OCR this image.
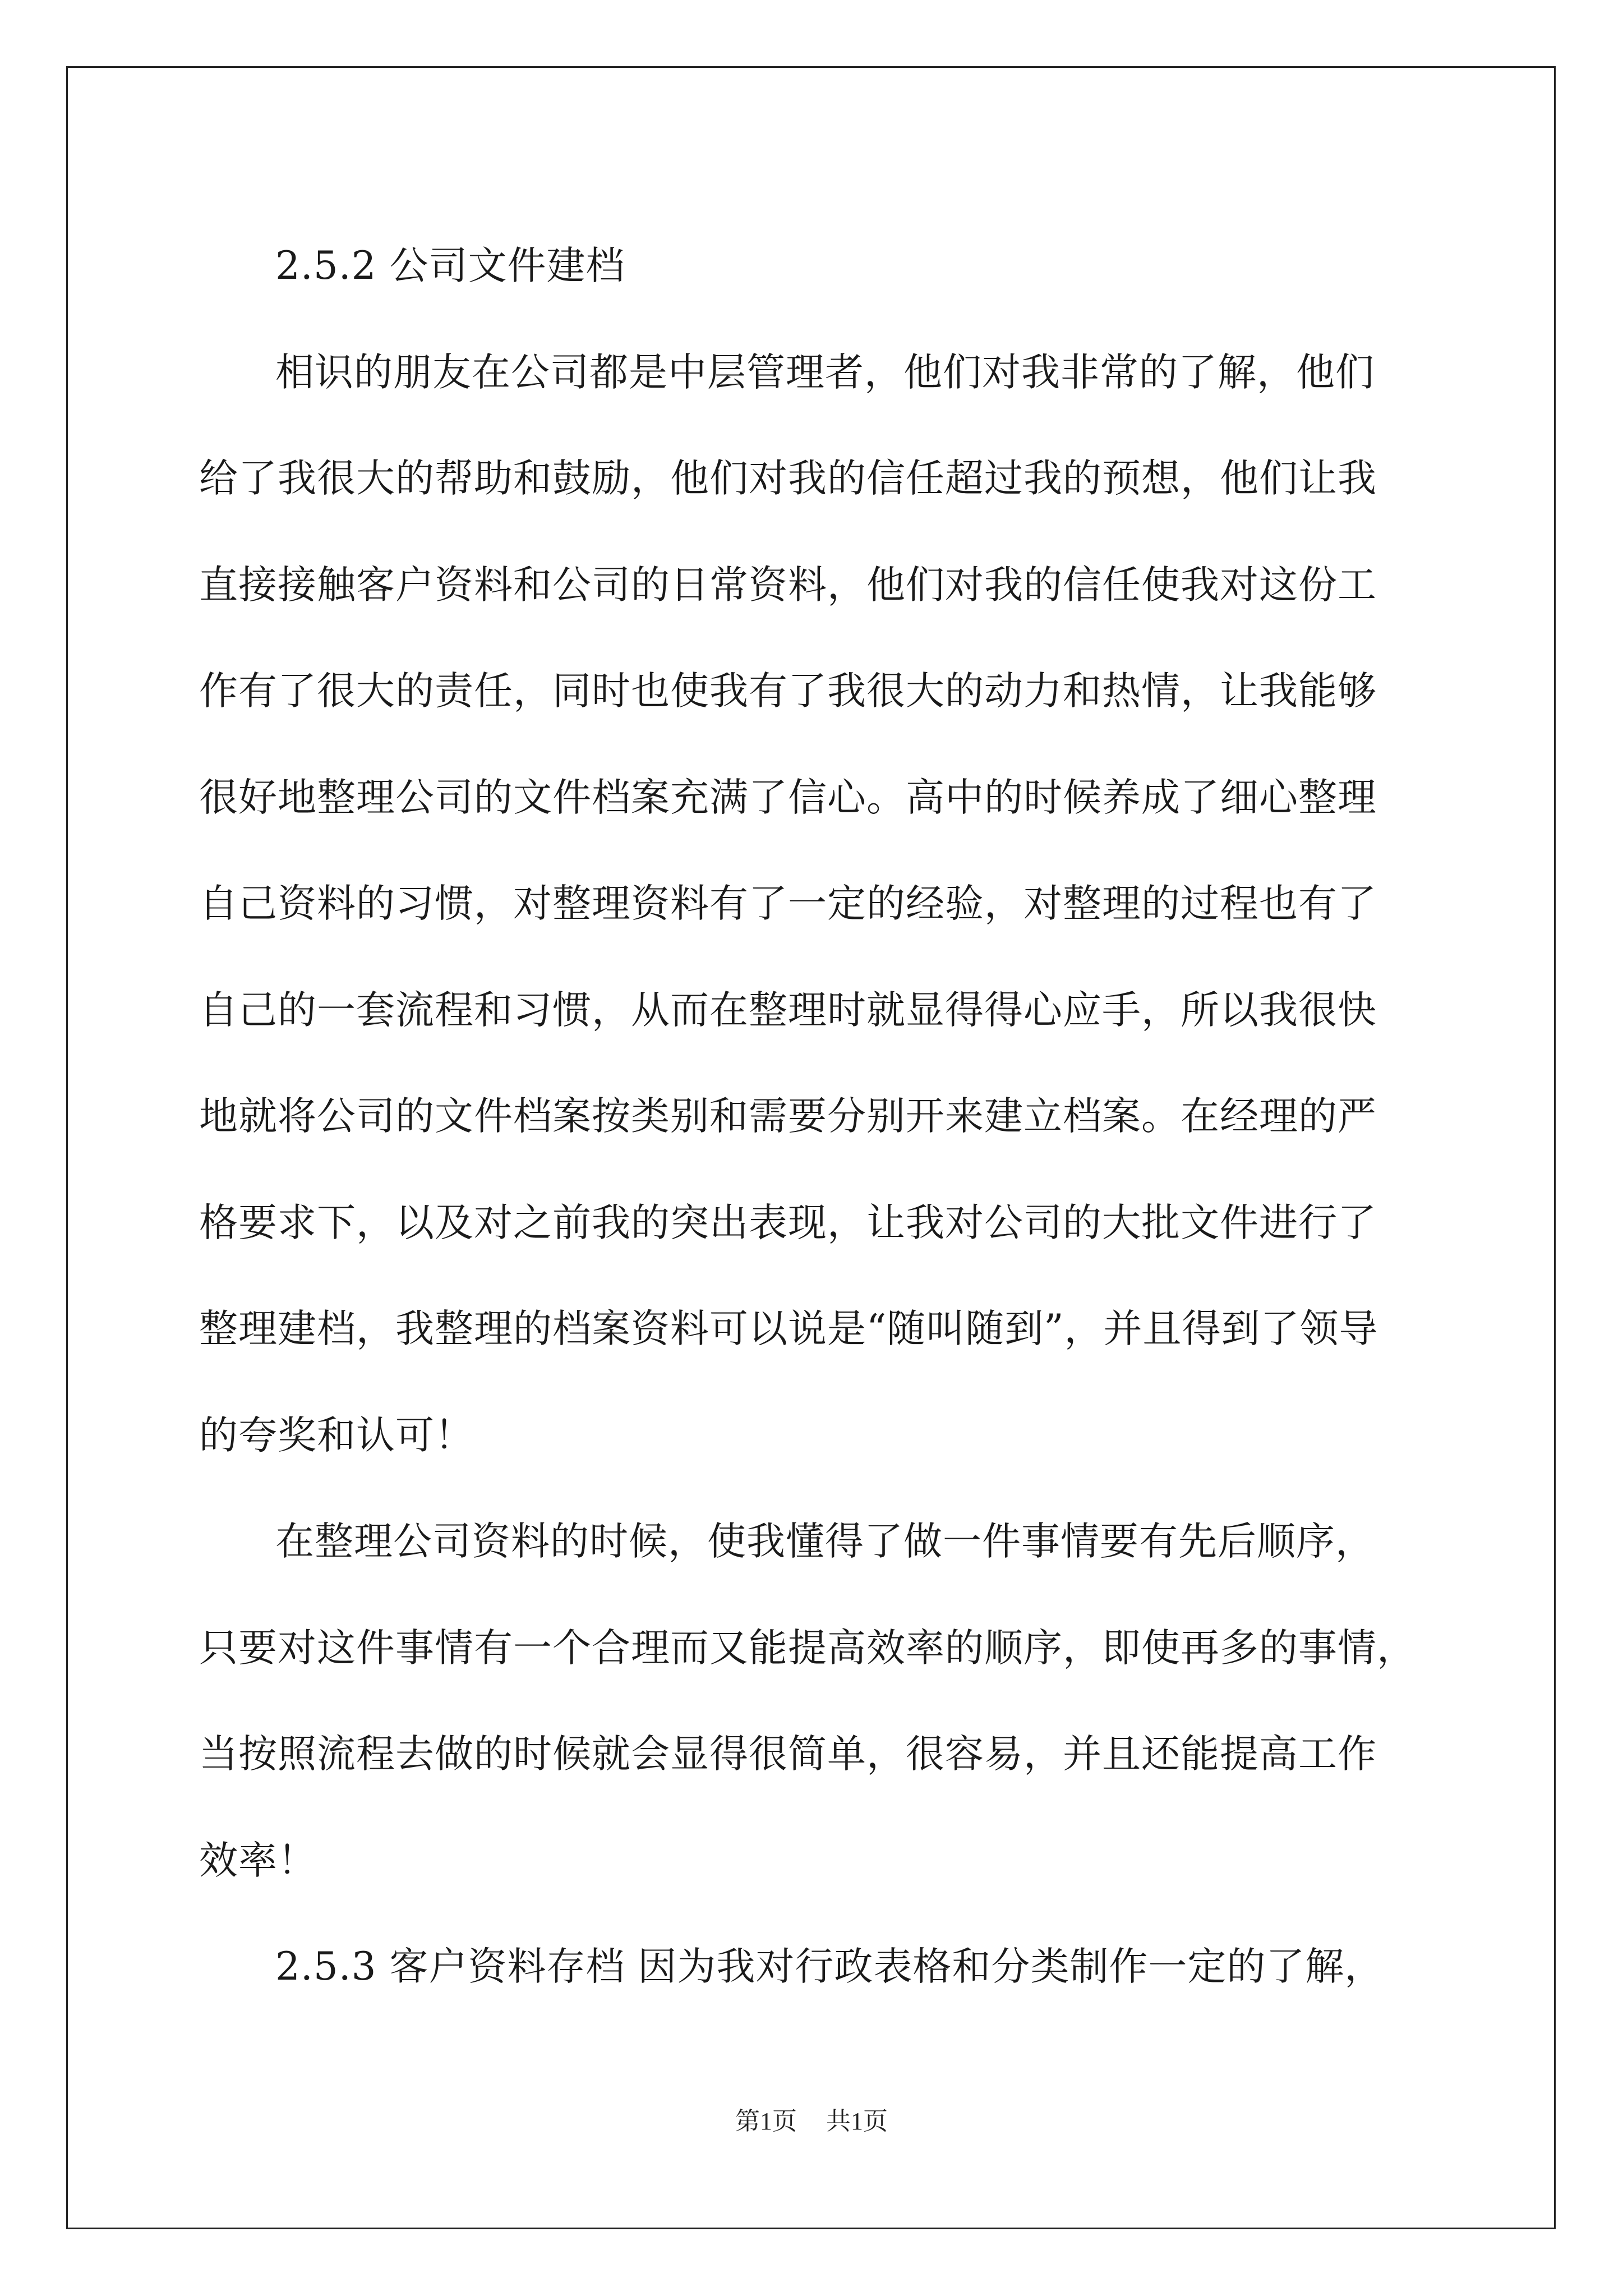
2.5.2 公司文件建档
相识的朋友在公司都是中层管理者，他们对我非常的了解，他们
给了我很大的帮助和鼓励，他们对我的信任超过我的预想，他们让我
直接接触客户资料和公司的日常资料，他们对我的信任使我对这份工
作有了很大的责任，同时也使我有了我很大的动力和热情，让我能够
很好地整理公司的文件档案充满了信心。高中的时候养成了细心整理
自己资料的习惯，对整理资料有了一定的经验，对整理的过程也有了
自己的一套流程和习惯，从而在整理时就显得得心应手，所以我很快
地就将公司的文件档案按类别和需要分别开来建立档案。在经理的严
格要求下，以及对之前我的突出表现，让我对公司的大批文件进行了
整理建档，我整理的档案资料可以说是“随叫随到”，并且得到了领导
的夸奖和认可！
在整理公司资料的时候，使我懂得了做一件事情要有先后顺序，
只要对这件事情有一个合理而又能提高效率的顺序，即使再多的事情，
当按照流程去做的时候就会显得很简单，很容易，并且还能提高工作
效率！
2.5.3 客户资料存档 因为我对行政表格和分类制作一定的了解，
第1页 共1页
